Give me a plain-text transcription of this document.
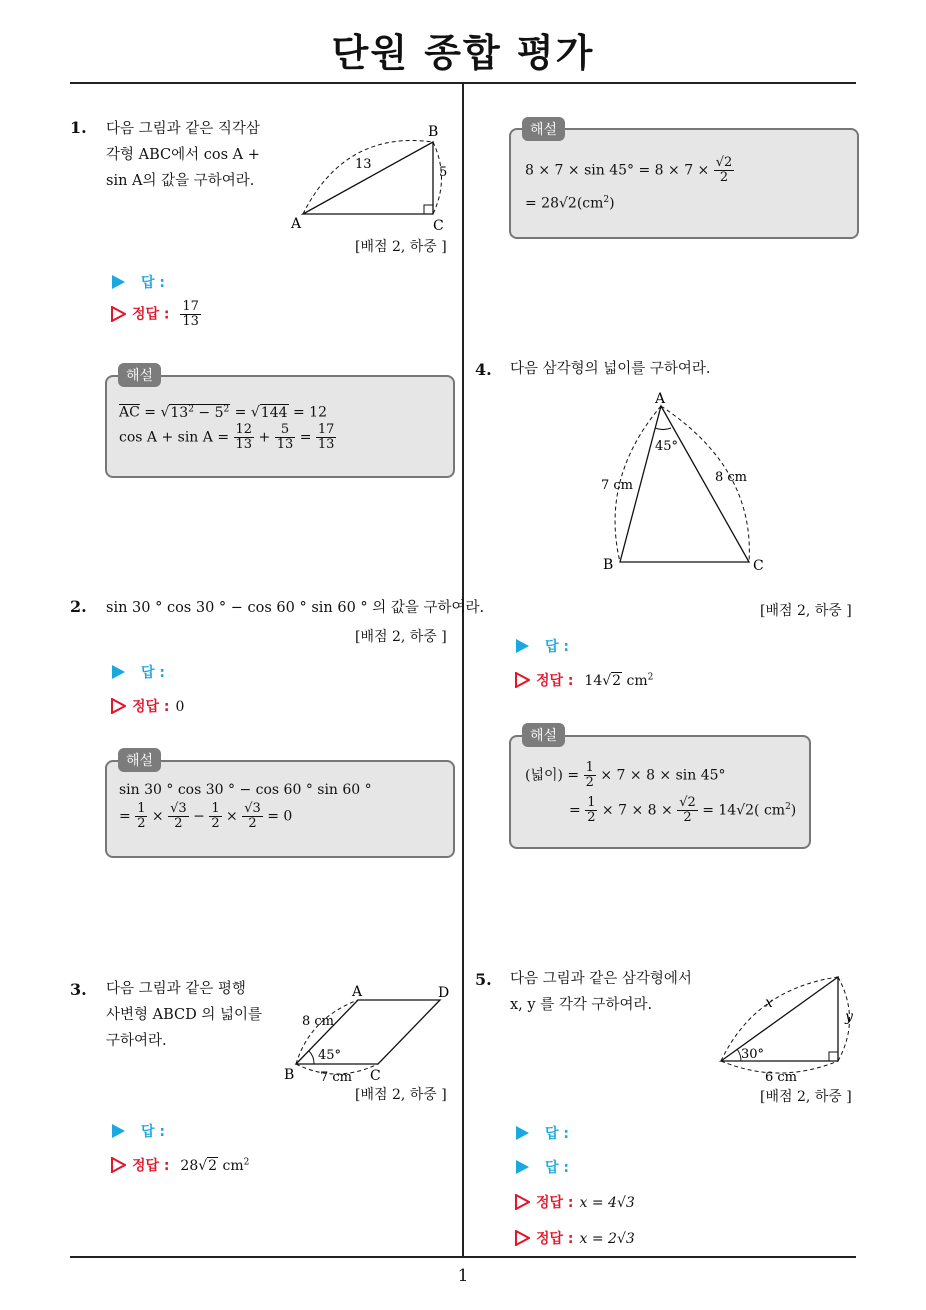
단원 종합 평가
1
1. 다음 그림과 같은 직각삼
각형 ABC에서 cos A +
sin A의 값을 구하여라.
A
B
C
13
5
[배점 2, 하중 ]
답 :
정답 : $\frac{17}{13}$
$\overline{AC} = √13^2 - 5^2 = √144 = 12$
$\cos A + \sin A = \frac{12}{13} + \frac{5}{13} = \frac{17}{13}$
해설
2. sin 30 ° cos 30 ° − cos 60 ° sin 60 ° 의 값을 구하여라.
[배점 2, 하중 ]
답 :
정답 : 0
sin 30 ° cos 30 ° − cos 60 ° sin 60 °
= $\frac{1}{2} \times \frac{√3}{2} - \frac{1}{2} \times \frac{√3}{2} = 0$
해설
3. 다음 그림과 같은 평행
사변형 ABCD 의 넓이를
구하여라.
A	D
B	C
8 cm
7 cm
45°
[배점 2, 하중 ]
답 :
정답 : 28√2 $cm^2$
$8 \times 7 \times \sin 45^\circ = 8 \times 7 \times \frac{√2}{2}$
= $28√2(cm^2)$
해설
4. 다음 삼각형의 넓이를 구하여라.
A
B	C
7 cm
8 cm
45°
[배점 2, 하중 ]
답 :
정답 : 14√2 $cm^2$
(넓이) = $\frac{1}{2} \times 7 \times 8 \times \sin 45^\circ$
= $\frac{1}{2} \times 7 \times 8 \times \frac{√2}{2} = 14√2$( $cm^2$)
해설
5. 다음 그림과 같은 삼각형에서
x, y 를 각각 구하여라.	x
y
30°
6 cm
[배점 2, 하중 ]
답 :
답 :
정답 : x = 4√3
정답 : x = 2√3
